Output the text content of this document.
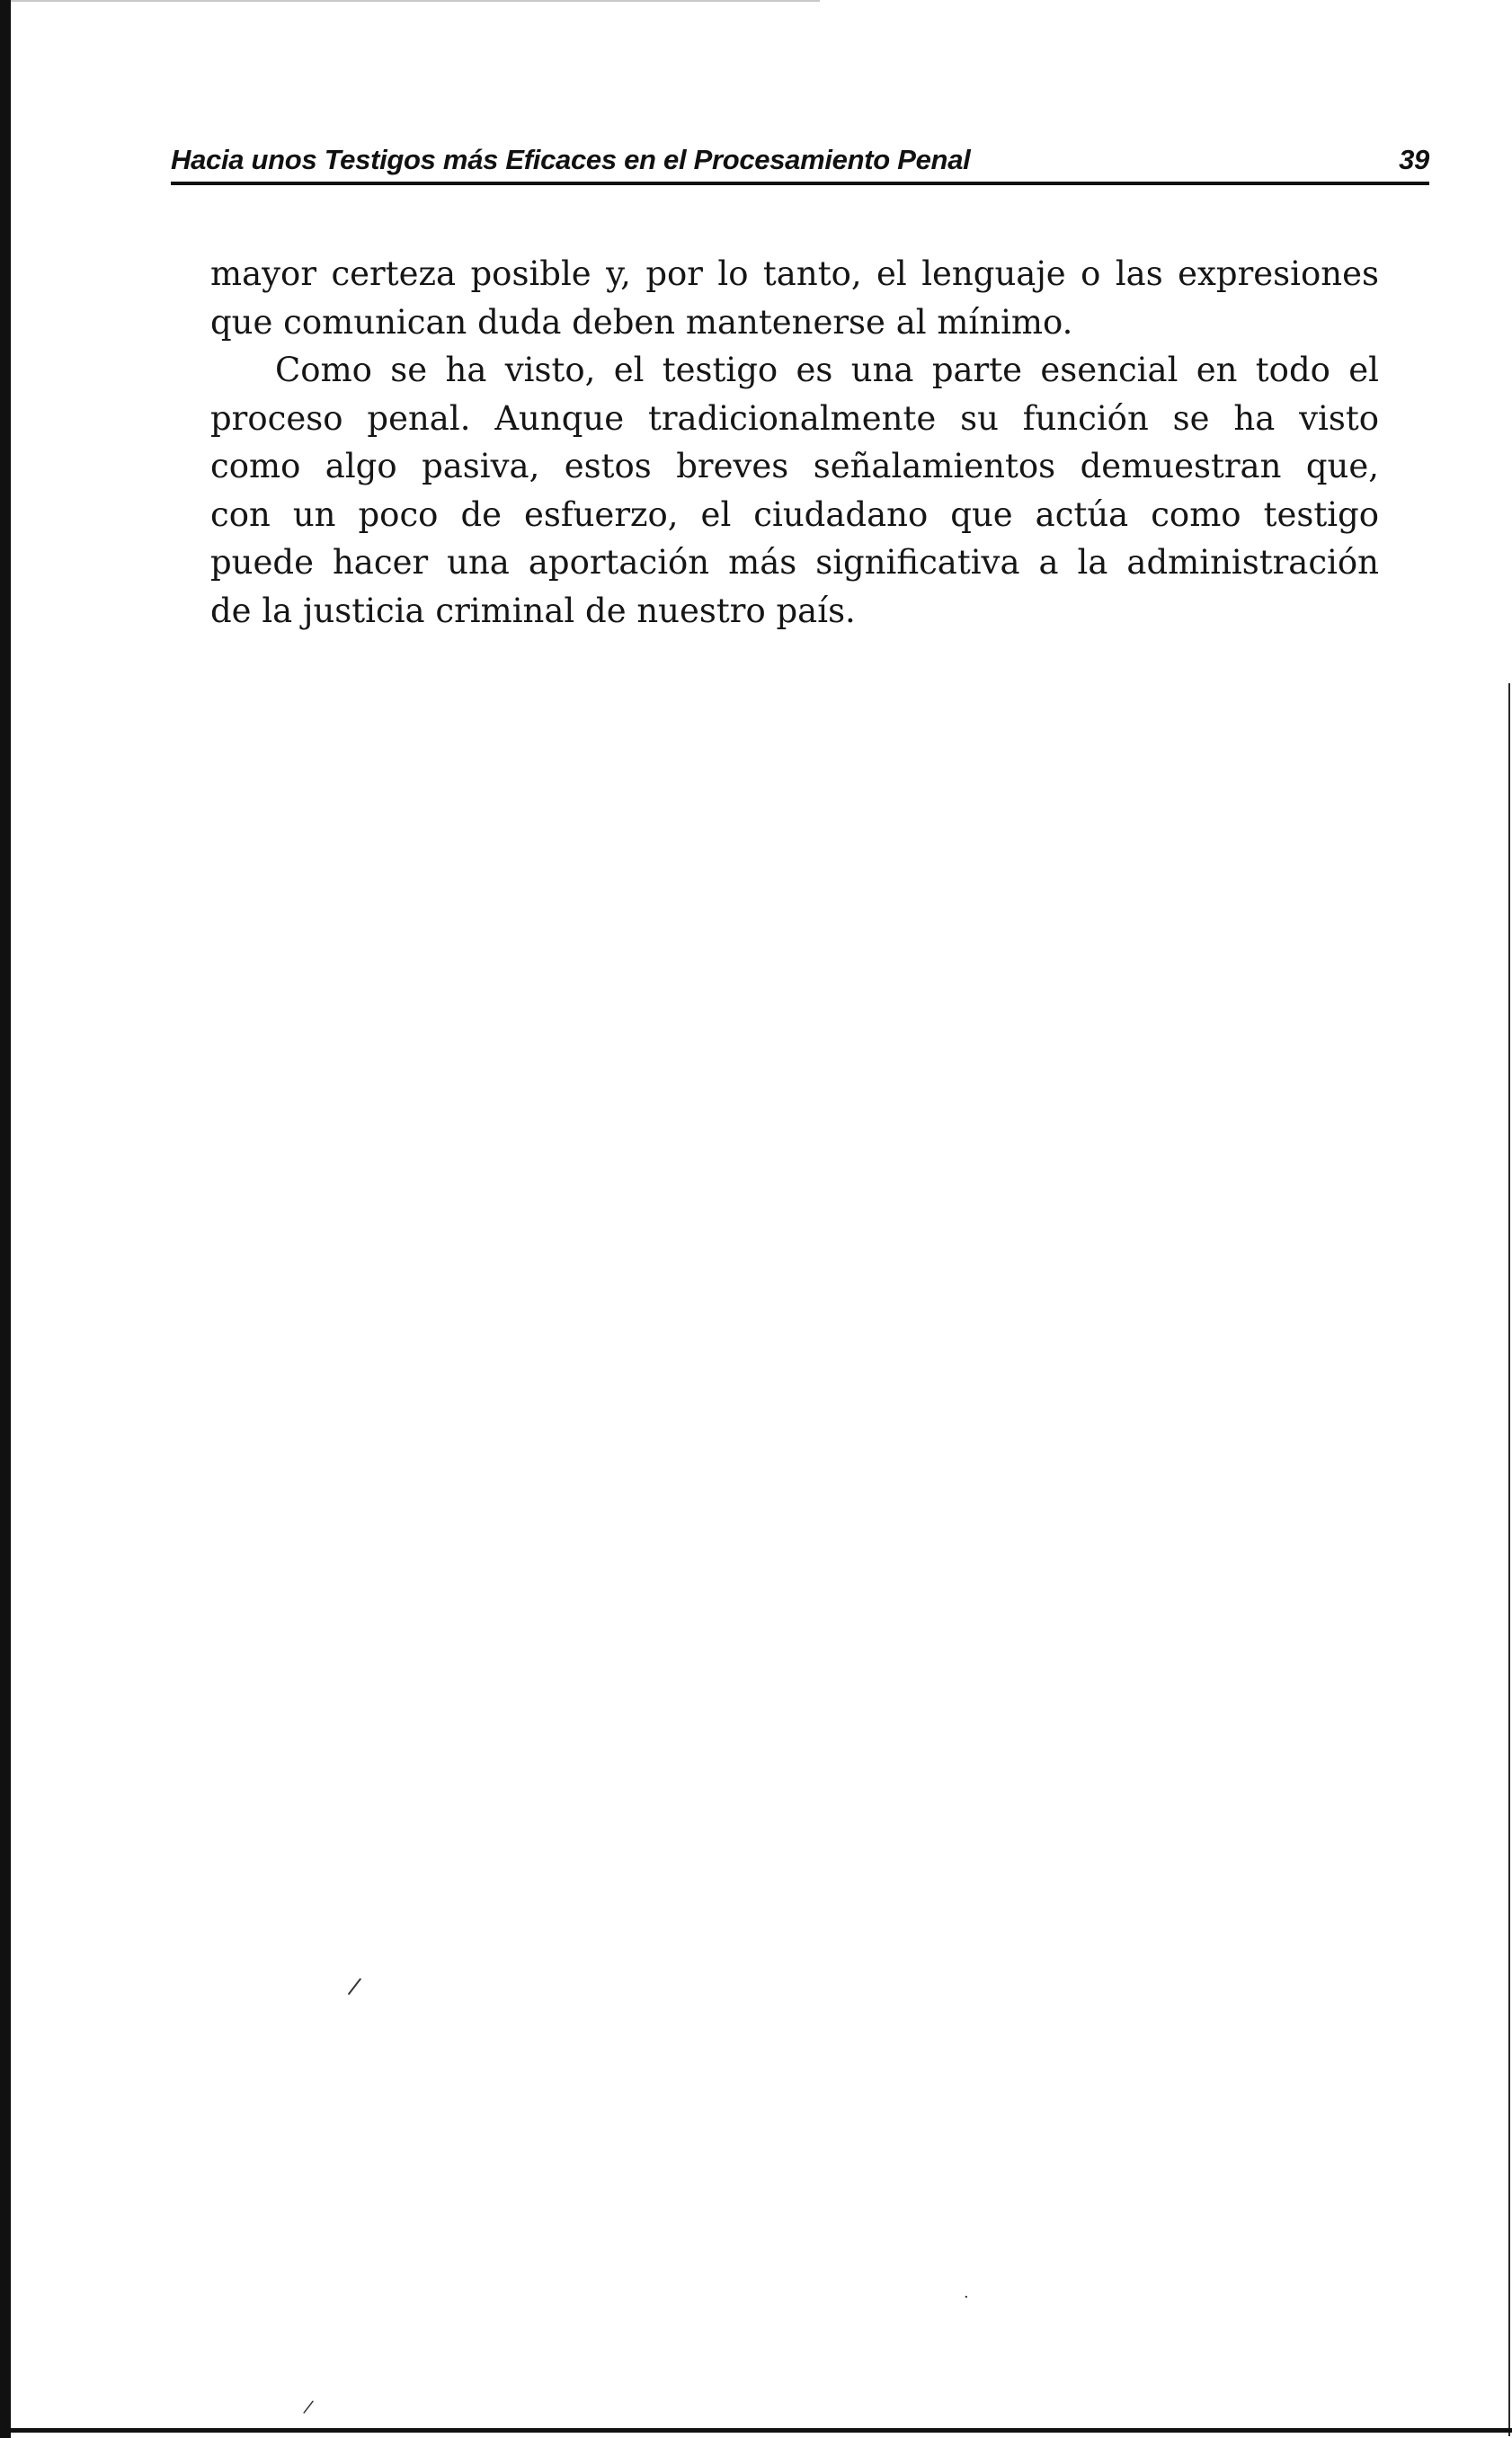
Hacia unos Testigos más Eficaces en el Procesamiento Penal	39

mayor certeza posible y, por lo tanto, el lenguaje o las expresiones
que comunican duda deben mantenerse al mínimo.

Como se ha visto, el testigo es una parte esencial en todo el
proceso penal. Aunque tradicionalmente su función se ha visto
como algo pasiva, estos breves señalamientos demuestran que,
con un poco de esfuerzo, el ciudadano que actúa como testigo
puede hacer una aportación más significativa a la administración
de la justicia criminal de nuestro país.

/
·
/
